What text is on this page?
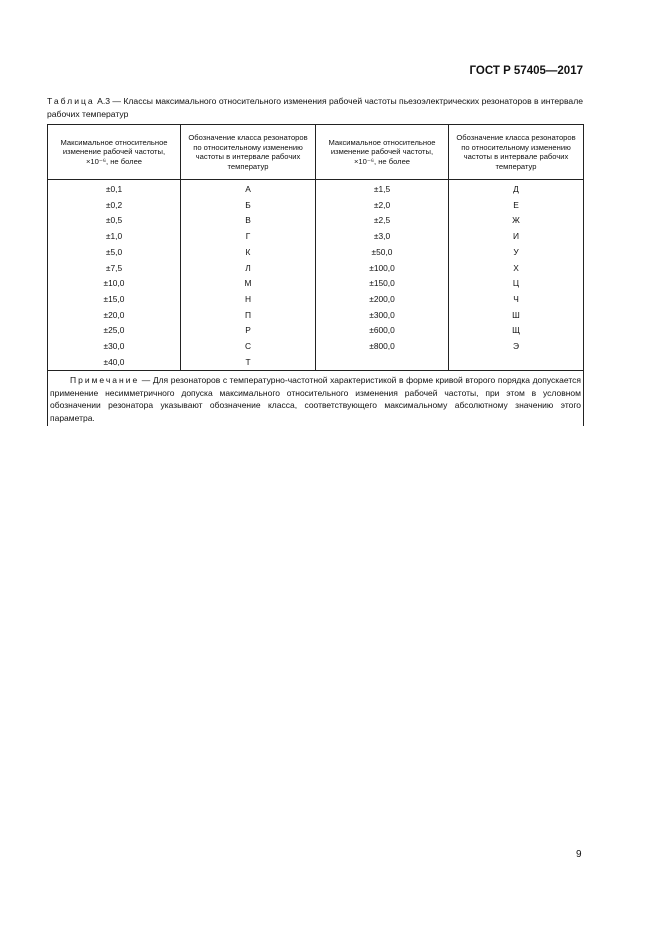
ГОСТ Р 57405—2017
Таблица А.3 — Классы максимального относительного изменения рабочей частоты пьезоэлектрических резонаторов в интервале рабочих температур
Максимальное относительное изменение рабочей частоты, ×10⁻⁶, не более	Обозначение класса резонаторов по относительному изменению частоты в интервале рабочих температур	Максимальное относительное изменение рабочей частоты, ×10⁻⁶, не более	Обозначение класса резонаторов по относительному изменению частоты в интервале рабочих температур
±0,1	А	±1,5	Д
±0,2	Б	±2,0	Е
±0,5	В	±2,5	Ж
±1,0	Г	±3,0	И
±5,0	К	±50,0	У
±7,5	Л	±100,0	Х
±10,0	М	±150,0	Ц
±15,0	Н	±200,0	Ч
±20,0	П	±300,0	Ш
±25,0	Р	±600,0	Щ
±30,0	С	±800,0	Э
±40,0	Т		
Примечание — Для резонаторов с температурно-частотной характеристикой в форме кривой второго порядка допускается применение несимметричного допуска максимального относительного изменения рабочей частоты, при этом в условном обозначении резонатора указывают обозначение класса, соответствующего максимальному абсолютному значению этого параметра.			
9
